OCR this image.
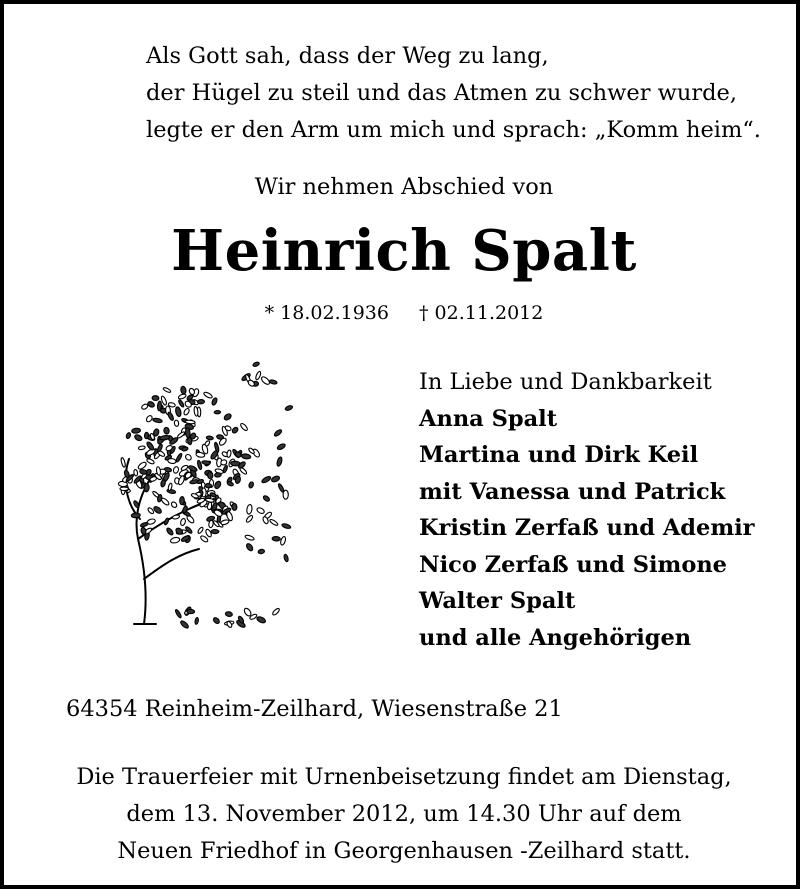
Als Gott sah, dass der Weg zu lang,
der Hügel zu steil und das Atmen zu schwer wurde,
legte er den Arm um mich und sprach: „Komm heim“.
Wir nehmen Abschied von
Heinrich Spalt
* 18.02.1936 † 02.11.2012
In Liebe und Dankbarkeit
Anna Spalt
Martina und Dirk Keil
mit Vanessa und Patrick
Kristin Zerfaß und Ademir
Nico Zerfaß und Simone
Walter Spalt
und alle Angehörigen
64354 Reinheim-Zeilhard, Wiesenstraße 21
Die Trauerfeier mit Urnenbeisetzung findet am Dienstag,
dem 13. November 2012, um 14.30 Uhr auf dem
Neuen Friedhof in Georgenhausen -Zeilhard statt.
